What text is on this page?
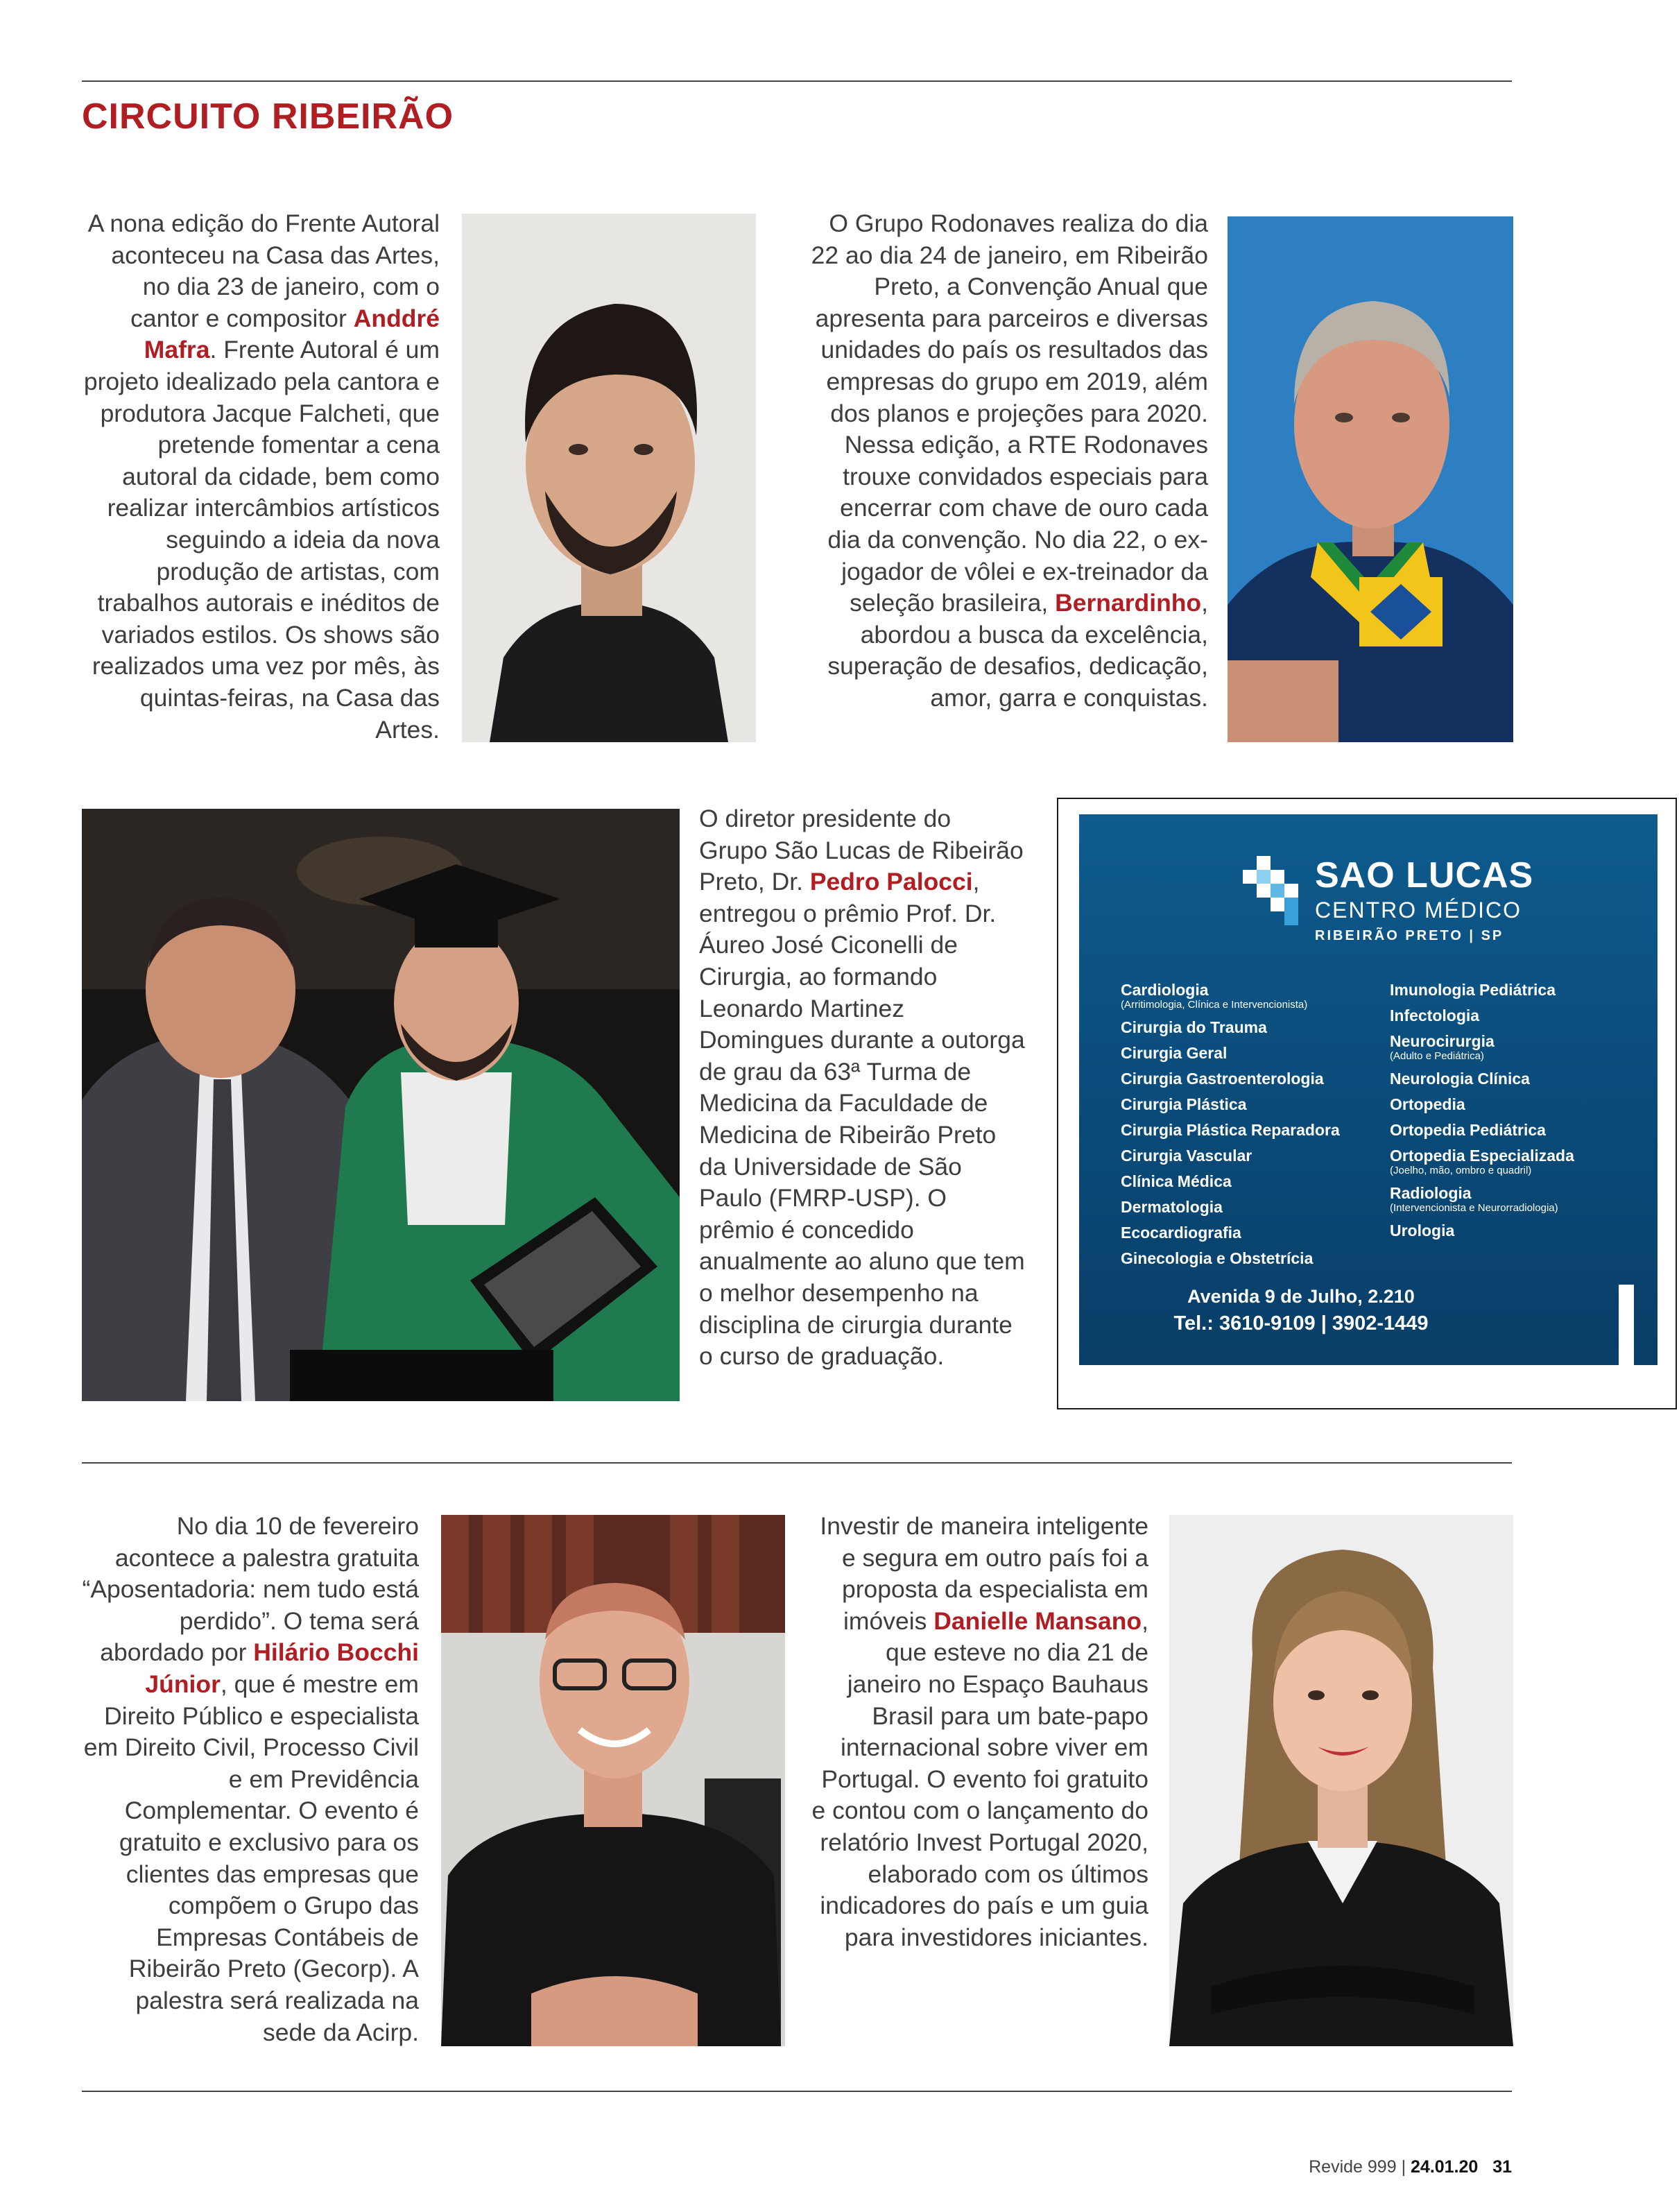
CIRCUITO RIBEIRÃO

A nona edição do Frente Autoral aconteceu na Casa das Artes, no dia 23 de janeiro, com o cantor e compositor Anddré Mafra. Frente Autoral é um projeto idealizado pela cantora e produtora Jacque Falcheti, que pretende fomentar a cena autoral da cidade, bem como realizar intercâmbios artísticos seguindo a ideia da nova produção de artistas, com trabalhos autorais e inéditos de variados estilos. Os shows são realizados uma vez por mês, às quintas-feiras, na Casa das Artes.

O Grupo Rodonaves realiza do dia 22 ao dia 24 de janeiro, em Ribeirão Preto, a Convenção Anual que apresenta para parceiros e diversas unidades do país os resultados das empresas do grupo em 2019, além dos planos e projeções para 2020. Nessa edição, a RTE Rodonaves trouxe convidados especiais para encerrar com chave de ouro cada dia da convenção. No dia 22, o ex-jogador de vôlei e ex-treinador da seleção brasileira, Bernardinho, abordou a busca da excelência, superação de desafios, dedicação, amor, garra e conquistas.

O diretor presidente do Grupo São Lucas de Ribeirão Preto, Dr. Pedro Palocci, entregou o prêmio Prof. Dr. Áureo José Ciconelli de Cirurgia, ao formando Leonardo Martinez Domingues durante a outorga de grau da 63ª Turma de Medicina da Faculdade de Medicina de Ribeirão Preto da Universidade de São Paulo (FMRP-USP). O prêmio é concedido anualmente ao aluno que tem o melhor desempenho na disciplina de cirurgia durante o curso de graduação.

SAO LUCAS
CENTRO MÉDICO
RIBEIRÃO PRETO | SP
Cardiologia
(Arritimologia, Clínica e Intervencionista)
Cirurgia do Trauma
Cirurgia Geral
Cirurgia Gastroenterologia
Cirurgia Plástica
Cirurgia Plástica Reparadora
Cirurgia Vascular
Clínica Médica
Dermatologia
Ecocardiografia
Ginecologia e Obstetrícia
Imunologia Pediátrica
Infectologia
Neurocirurgia
(Adulto e Pediátrica)
Neurologia Clínica
Ortopedia
Ortopedia Pediátrica
Ortopedia Especializada
(Joelho, mão, ombro e quadril)
Radiologia
(Intervencionista e Neurorradiologia)
Urologia
Avenida 9 de Julho, 2.210
Tel.: 3610-9109 | 3902-1449

No dia 10 de fevereiro acontece a palestra gratuita “Aposentadoria: nem tudo está perdido”. O tema será abordado por Hilário Bocchi Júnior, que é mestre em Direito Público e especialista em Direito Civil, Processo Civil e em Previdência Complementar. O evento é gratuito e exclusivo para os clientes das empresas que compõem o Grupo das Empresas Contábeis de Ribeirão Preto (Gecorp). A palestra será realizada na sede da Acirp.

Investir de maneira inteligente e segura em outro país foi a proposta da especialista em imóveis Danielle Mansano, que esteve no dia 21 de janeiro no Espaço Bauhaus Brasil para um bate-papo internacional sobre viver em Portugal. O evento foi gratuito e contou com o lançamento do relatório Invest Portugal 2020, elaborado com os últimos indicadores do país e um guia para investidores iniciantes.

Revide 999 | 24.01.20 31
